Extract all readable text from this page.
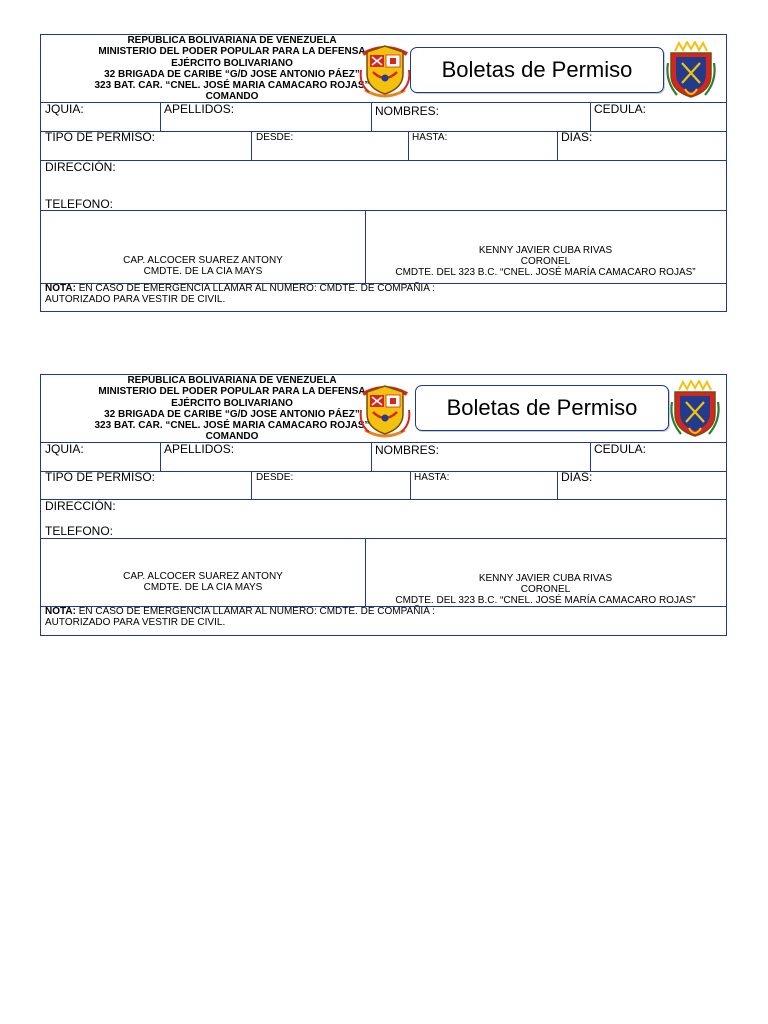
REPÚBLICA BOLIVARIANA DE VENEZUELA
MINISTERIO DEL PODER POPULAR PARA LA DEFENSA
EJÉRCITO BOLIVARIANO
32 BRIGADA DE CARIBE “G/D JOSE ANTONIO PÁEZ”
323 BAT. CAR. “CNEL. JOSÉ MARIA CAMACARO ROJAS”
COMANDO
Boletas de Permiso
JQUIA:	APELLIDOS:	NOMBRES:	CEDULA:
TIPO DE PERMISO:	DESDE:	HASTA:	DIAS:
DIRECCIÓN:
TELEFONO:
CAP. ALCOCER SUAREZ ANTONY
CMDTE. DE LA CIA MAYS
KENNY JAVIER CUBA RIVAS
CORONEL
CMDTE. DEL 323 B.C. “CNEL. JOSÉ MARÍA CAMACARO ROJAS”
NOTA: EN CASO DE EMERGENCIA LLAMAR AL NUMERO: CMDTE. DE COMPAÑIA :
AUTORIZADO PARA VESTIR DE CIVIL.
REPÚBLICA BOLIVARIANA DE VENEZUELA
MINISTERIO DEL PODER POPULAR PARA LA DEFENSA
EJÉRCITO BOLIVARIANO
32 BRIGADA DE CARIBE “G/D JOSE ANTONIO PÁEZ”
323 BAT. CAR. “CNEL. JOSÉ MARIA CAMACARO ROJAS”
COMANDO
Boletas de Permiso
JQUIA:	APELLIDOS:	NOMBRES:	CEDULA:
TIPO DE PERMISO:	DESDE:	HASTA:	DIAS:
DIRECCIÓN:
TELEFONO:
CAP. ALCOCER SUAREZ ANTONY
CMDTE. DE LA CIA MAYS
KENNY JAVIER CUBA RIVAS
CORONEL
CMDTE. DEL 323 B.C. “CNEL. JOSÉ MARÍA CAMACARO ROJAS”
NOTA: EN CASO DE EMERGENCIA LLAMAR AL NUMERO: CMDTE. DE COMPAÑIA :
AUTORIZADO PARA VESTIR DE CIVIL.
